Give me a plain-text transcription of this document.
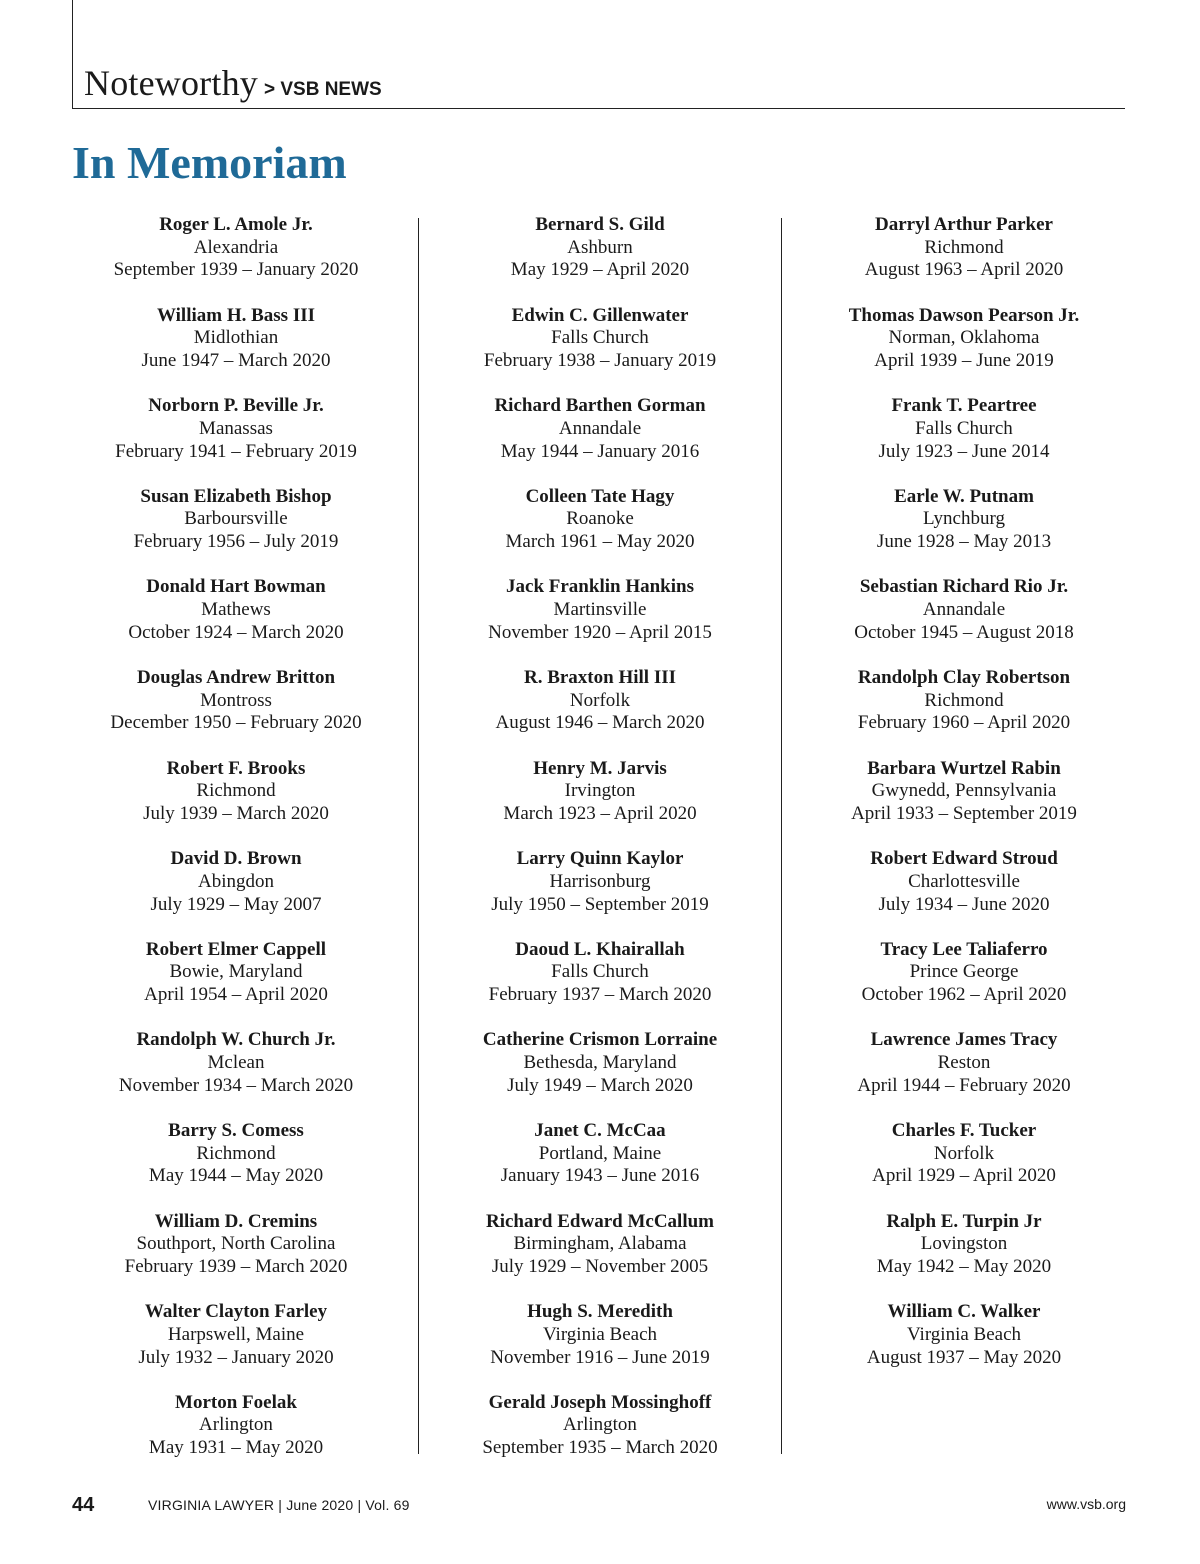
Noteworthy > VSB NEWS
In Memoriam
Roger L. Amole Jr.
Alexandria
September 1939 – January 2020
William H. Bass III
Midlothian
June 1947 – March 2020
Norborn P. Beville Jr.
Manassas
February 1941 – February 2019
Susan Elizabeth Bishop
Barboursville
February 1956 – July 2019
Donald Hart Bowman
Mathews
October 1924 – March 2020
Douglas Andrew Britton
Montross
December 1950 – February 2020
Robert F. Brooks
Richmond
July 1939 – March 2020
David D. Brown
Abingdon
July 1929 – May 2007
Robert Elmer Cappell
Bowie, Maryland
April 1954 – April 2020
Randolph W. Church Jr.
Mclean
November 1934 – March 2020
Barry S. Comess
Richmond
May 1944 – May 2020
William D. Cremins
Southport, North Carolina
February 1939 – March 2020
Walter Clayton Farley
Harpswell, Maine
July 1932 – January 2020
Morton Foelak
Arlington
May 1931 – May 2020
Bernard S. Gild
Ashburn
May 1929 – April 2020
Edwin C. Gillenwater
Falls Church
February 1938 – January 2019
Richard Barthen Gorman
Annandale
May 1944 – January 2016
Colleen Tate Hagy
Roanoke
March 1961 – May 2020
Jack Franklin Hankins
Martinsville
November 1920 – April 2015
R. Braxton Hill III
Norfolk
August 1946 – March 2020
Henry M. Jarvis
Irvington
March 1923 – April 2020
Larry Quinn Kaylor
Harrisonburg
July 1950 – September 2019
Daoud L. Khairallah
Falls Church
February 1937 – March 2020
Catherine Crismon Lorraine
Bethesda, Maryland
July 1949 – March 2020
Janet C. McCaa
Portland, Maine
January 1943 – June 2016
Richard Edward McCallum
Birmingham, Alabama
July 1929 – November 2005
Hugh S. Meredith
Virginia Beach
November 1916 – June 2019
Gerald Joseph Mossinghoff
Arlington
September 1935 – March 2020
Darryl Arthur Parker
Richmond
August 1963 – April 2020
Thomas Dawson Pearson Jr.
Norman, Oklahoma
April 1939 – June 2019
Frank T. Peartree
Falls Church
July 1923 – June 2014
Earle W. Putnam
Lynchburg
June 1928 – May 2013
Sebastian Richard Rio Jr.
Annandale
October 1945 – August 2018
Randolph Clay Robertson
Richmond
February 1960 – April 2020
Barbara Wurtzel Rabin
Gwynedd, Pennsylvania
April 1933 – September 2019
Robert Edward Stroud
Charlottesville
July 1934 – June 2020
Tracy Lee Taliaferro
Prince George
October 1962 – April 2020
Lawrence James Tracy
Reston
April 1944 – February 2020
Charles F. Tucker
Norfolk
April 1929 – April 2020
Ralph E. Turpin Jr
Lovingston
May 1942 – May 2020
William C. Walker
Virginia Beach
August 1937 – May 2020
44	VIRGINIA LAWYER | June 2020 | Vol. 69	www.vsb.org
